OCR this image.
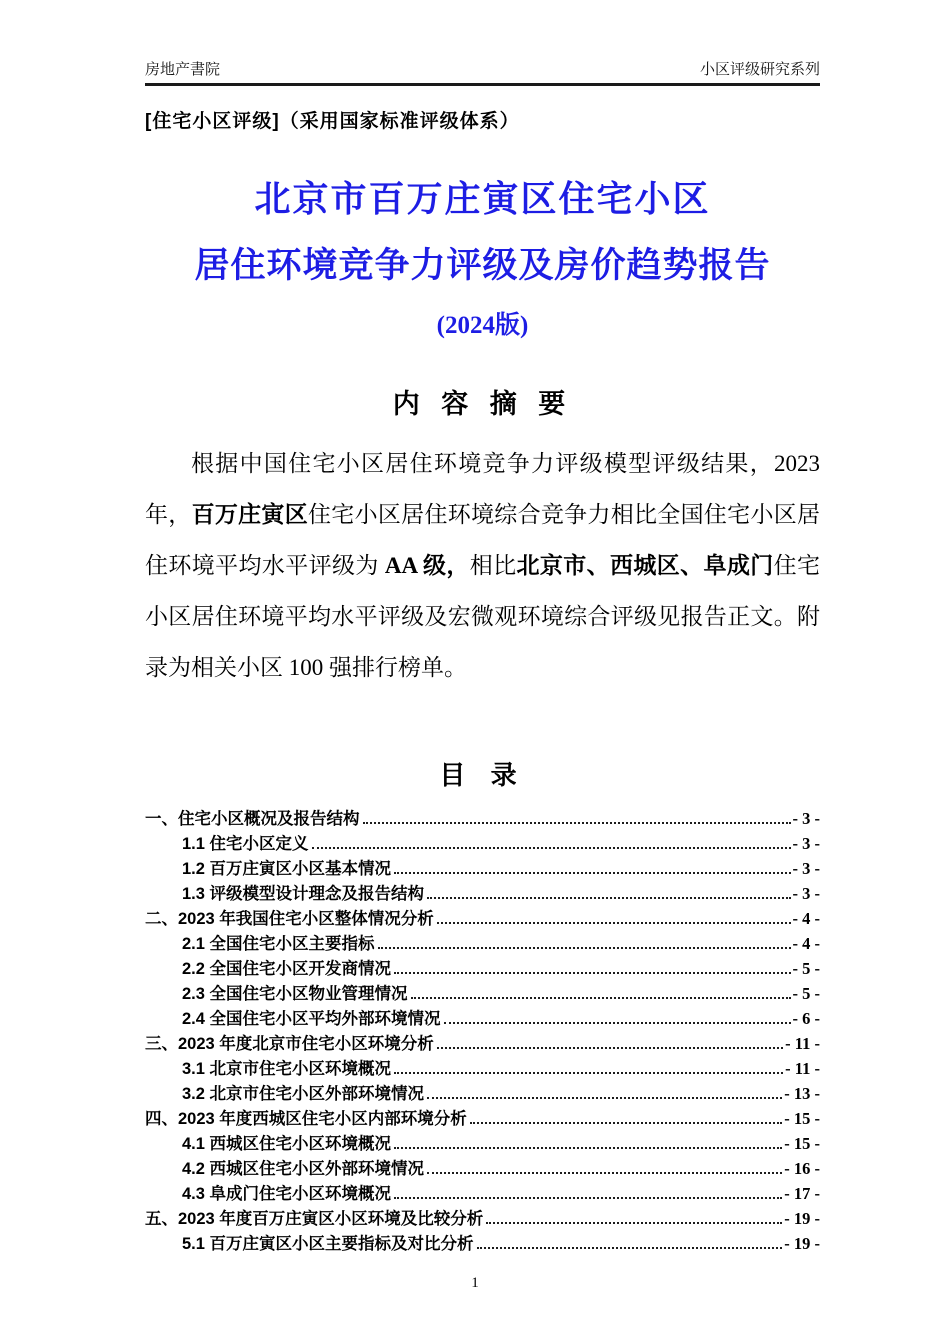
房地产書院	小区评级研究系列
[住宅小区评级]（采用国家标准评级体系）
北京市百万庄寅区住宅小区
居住环境竞争力评级及房价趋势报告
(2024版)
内 容 摘 要
根据中国住宅小区居住环境竞争力评级模型评级结果，2023 年，百万庄寅区住宅小区居住环境综合竞争力相比全国住宅小区居住环境平均水平评级为 AA 级，相比北京市、西城区、阜成门住宅小区居住环境平均水平评级及宏微观环境综合评级见报告正文。附录为相关小区 100 强排行榜单。
目 录
一、住宅小区概况及报告结构	- 3 -
1.1 住宅小区定义	- 3 -
1.2 百万庄寅区小区基本情况	- 3 -
1.3 评级模型设计理念及报告结构	- 3 -
二、2023 年我国住宅小区整体情况分析	- 4 -
2.1 全国住宅小区主要指标	- 4 -
2.2 全国住宅小区开发商情况	- 5 -
2.3 全国住宅小区物业管理情况	- 5 -
2.4 全国住宅小区平均外部环境情况	- 6 -
三、2023 年度北京市住宅小区环境分析	- 11 -
3.1 北京市住宅小区环境概况	- 11 -
3.2 北京市住宅小区外部环境情况	- 13 -
四、2023 年度西城区住宅小区内部环境分析	- 15 -
4.1 西城区住宅小区环境概况	- 15 -
4.2 西城区住宅小区外部环境情况	- 16 -
4.3 阜成门住宅小区环境概况	- 17 -
五、2023 年度百万庄寅区小区环境及比较分析	- 19 -
5.1 百万庄寅区小区主要指标及对比分析	- 19 -
1
